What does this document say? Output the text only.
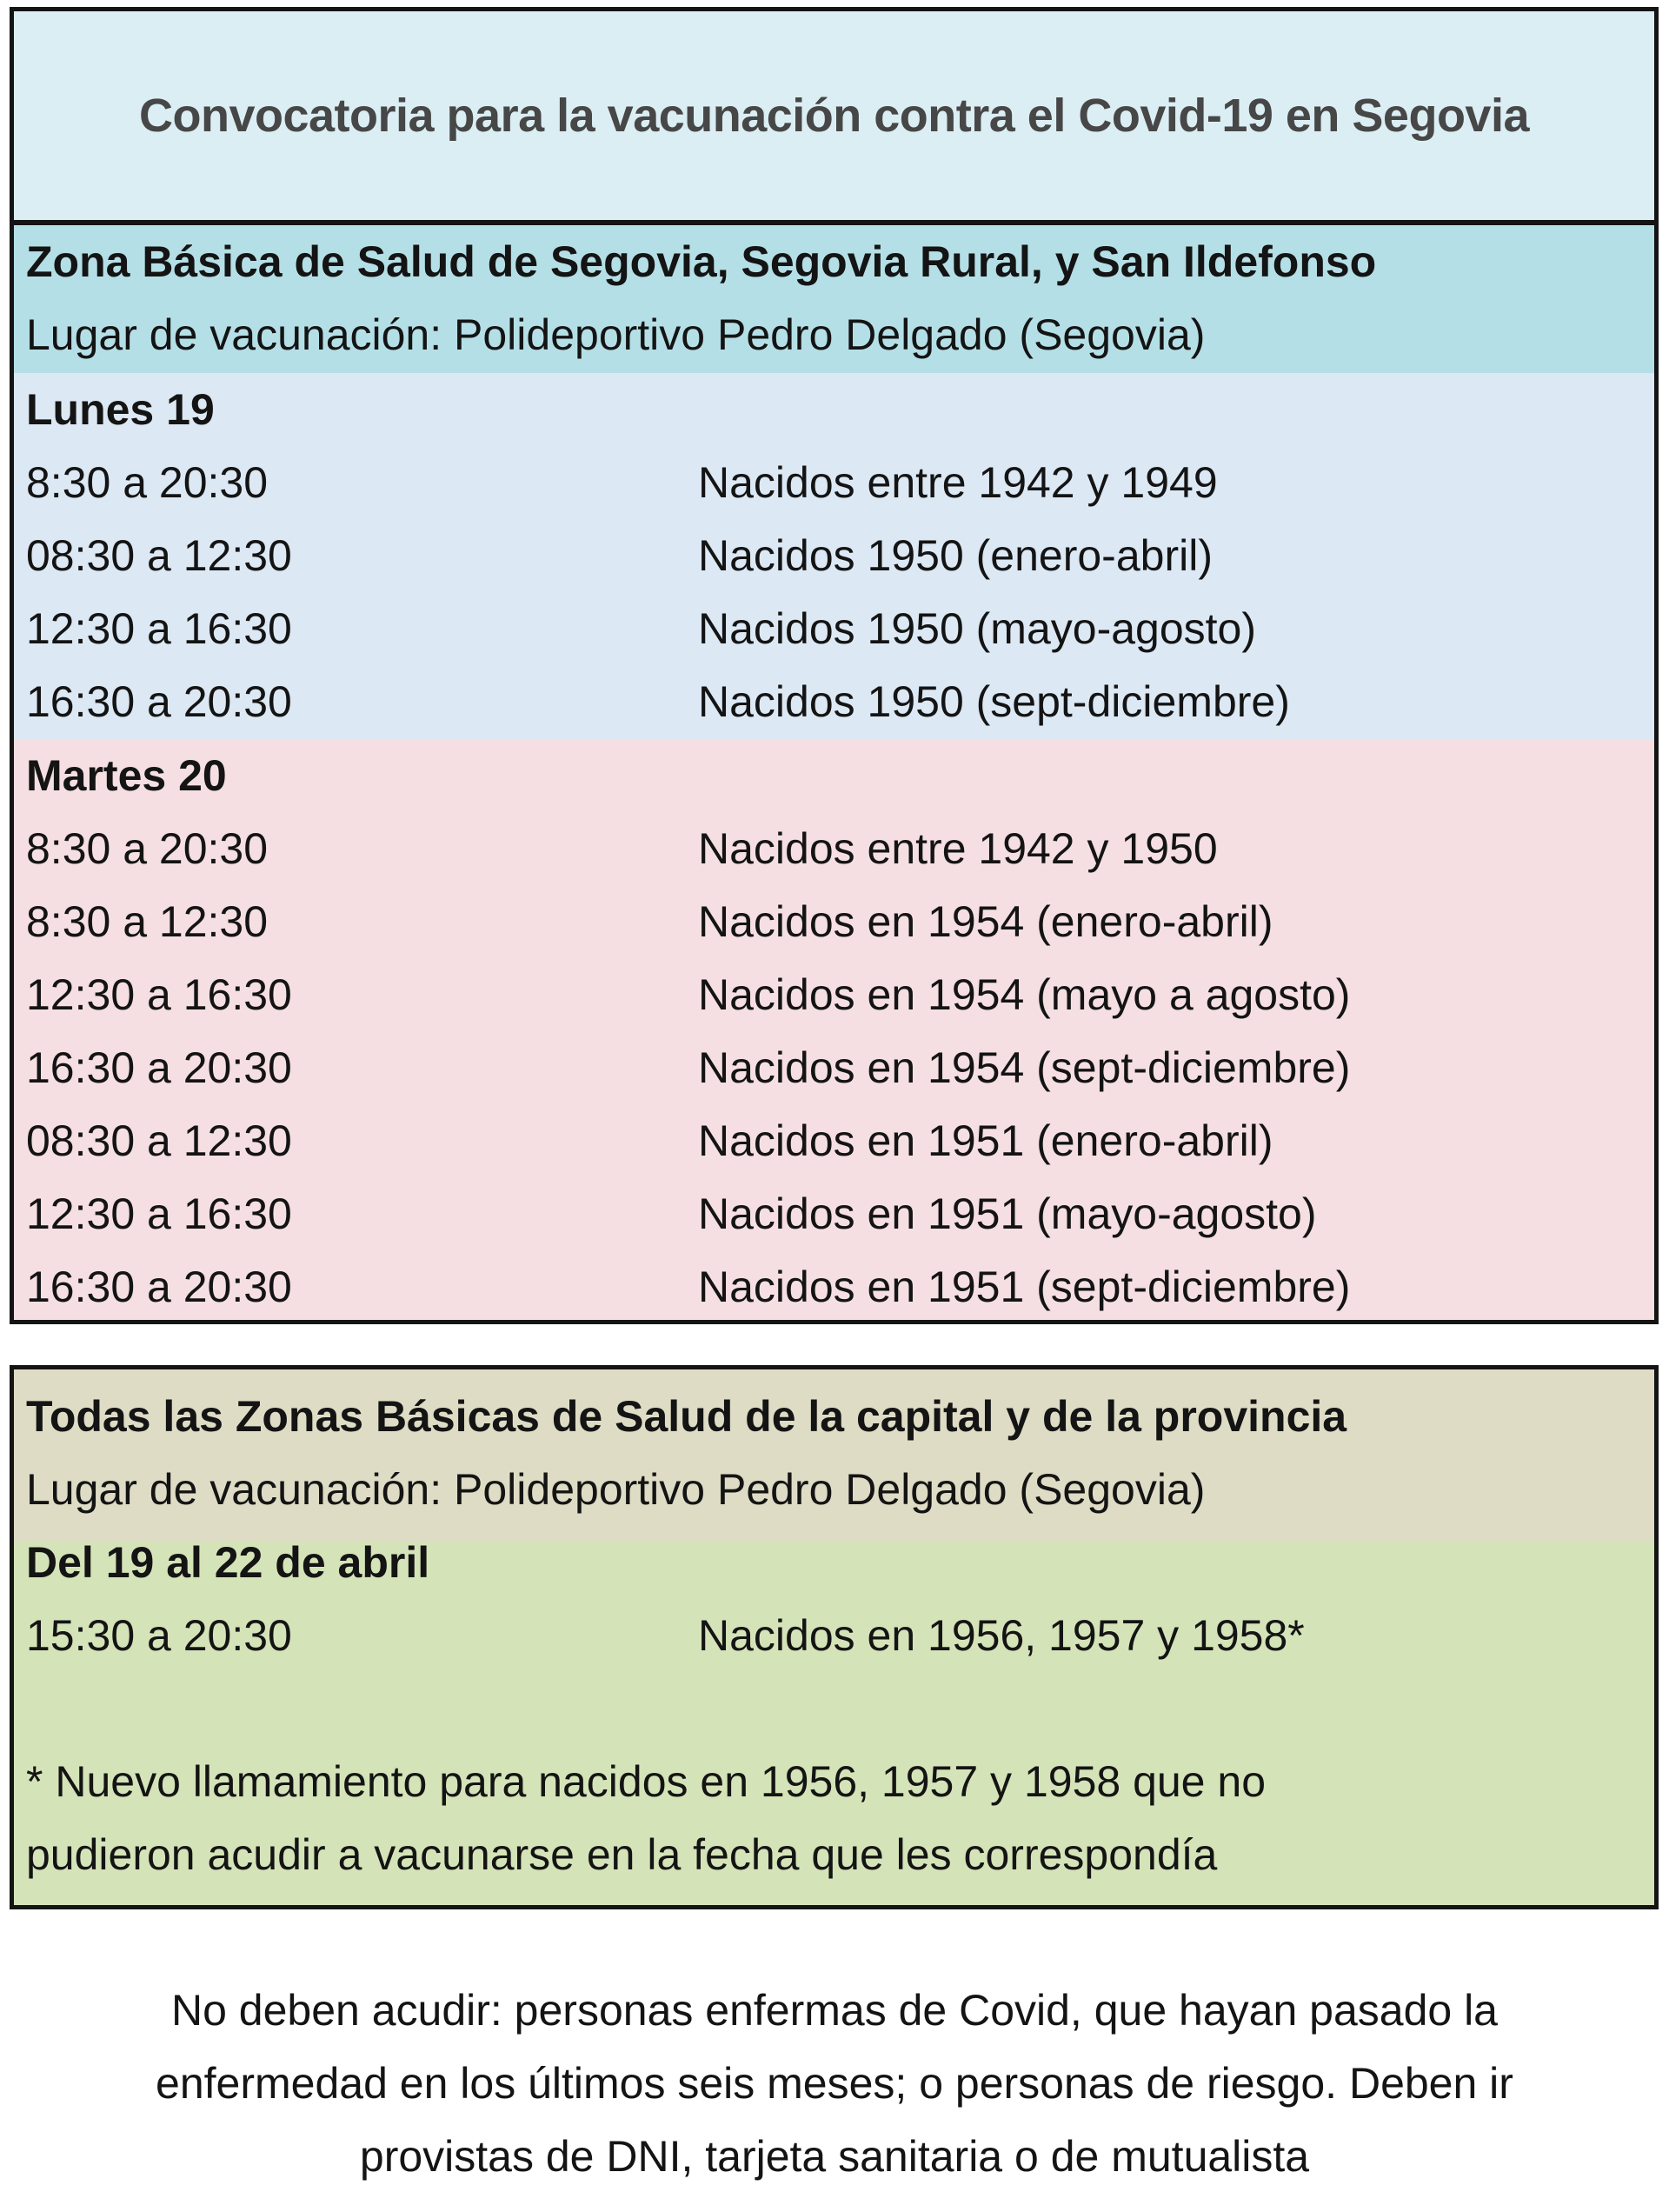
Convocatoria para la vacunación contra el Covid-19 en Segovia
Zona Básica de Salud de Segovia, Segovia Rural, y San Ildefonso
Lugar de vacunación: Polideportivo Pedro Delgado (Segovia)
Lunes 19
8:30 a 20:30	Nacidos entre 1942 y 1949
08:30 a 12:30	Nacidos 1950 (enero-abril)
12:30 a 16:30	Nacidos 1950 (mayo-agosto)
16:30 a 20:30	Nacidos 1950 (sept-diciembre)
Martes 20
8:30 a 20:30	Nacidos entre 1942 y 1950
8:30 a 12:30	Nacidos en 1954 (enero-abril)
12:30 a 16:30	Nacidos en 1954 (mayo a agosto)
16:30 a 20:30	Nacidos en 1954 (sept-diciembre)
08:30 a 12:30	Nacidos en 1951 (enero-abril)
12:30 a 16:30	Nacidos en 1951 (mayo-agosto)
16:30 a 20:30	Nacidos en 1951 (sept-diciembre)
Todas las Zonas Básicas de Salud de la capital y de la provincia
Lugar de vacunación: Polideportivo Pedro Delgado (Segovia)
Del 19 al 22 de abril
15:30 a 20:30	Nacidos en 1956, 1957 y 1958*
* Nuevo llamamiento para nacidos en 1956, 1957 y 1958 que no
pudieron acudir a vacunarse en la fecha que les correspondía
No deben acudir: personas enfermas de Covid, que hayan pasado la
enfermedad en los últimos seis meses; o personas de riesgo. Deben ir
provistas de DNI, tarjeta sanitaria o de mutualista
